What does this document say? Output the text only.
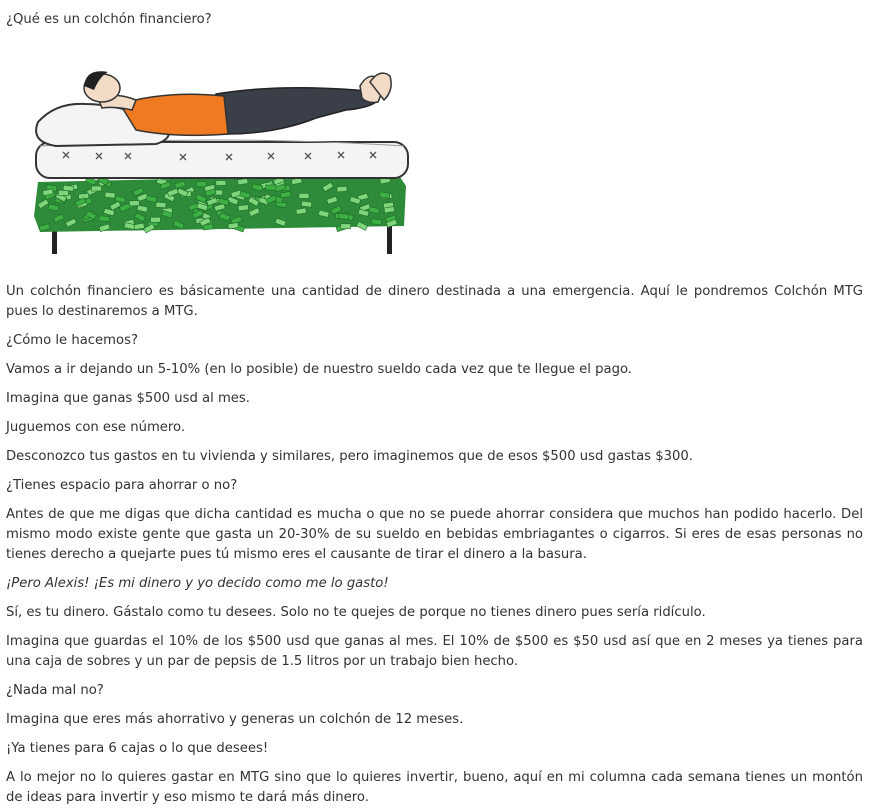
¿Qué es un colchón financiero?

Un colchón financiero es básicamente una cantidad de dinero destinada a una emergencia. Aquí le pondremos Colchón MTG pues lo destinaremos a MTG.

¿Cómo le hacemos?

Vamos a ir dejando un 5-10% (en lo posible) de nuestro sueldo cada vez que te llegue el pago.

Imagina que ganas $500 usd al mes.

Juguemos con ese número.

Desconozco tus gastos en tu vivienda y similares, pero imaginemos que de esos $500 usd gastas $300.

¿Tienes espacio para ahorrar o no?

Antes de que me digas que dicha cantidad es mucha o que no se puede ahorrar considera que muchos han podido hacerlo. Del mismo modo existe gente que gasta un 20-30% de su sueldo en bebidas embriagantes o cigarros. Si eres de esas personas no tienes derecho a quejarte pues tú mismo eres el causante de tirar el dinero a la basura.

¡Pero Alexis! ¡Es mi dinero y yo decido como me lo gasto!

Sí, es tu dinero. Gástalo como tu desees. Solo no te quejes de porque no tienes dinero pues sería ridículo.

Imagina que guardas el 10% de los $500 usd que ganas al mes. El 10% de $500 es $50 usd así que en 2 meses ya tienes para una caja de sobres y un par de pepsis de 1.5 litros por un trabajo bien hecho.

¿Nada mal no?

Imagina que eres más ahorrativo y generas un colchón de 12 meses.

¡Ya tienes para 6 cajas o lo que desees!

A lo mejor no lo quieres gastar en MTG sino que lo quieres invertir, bueno, aquí en mi columna cada semana tienes un montón de ideas para invertir y eso mismo te dará más dinero.
